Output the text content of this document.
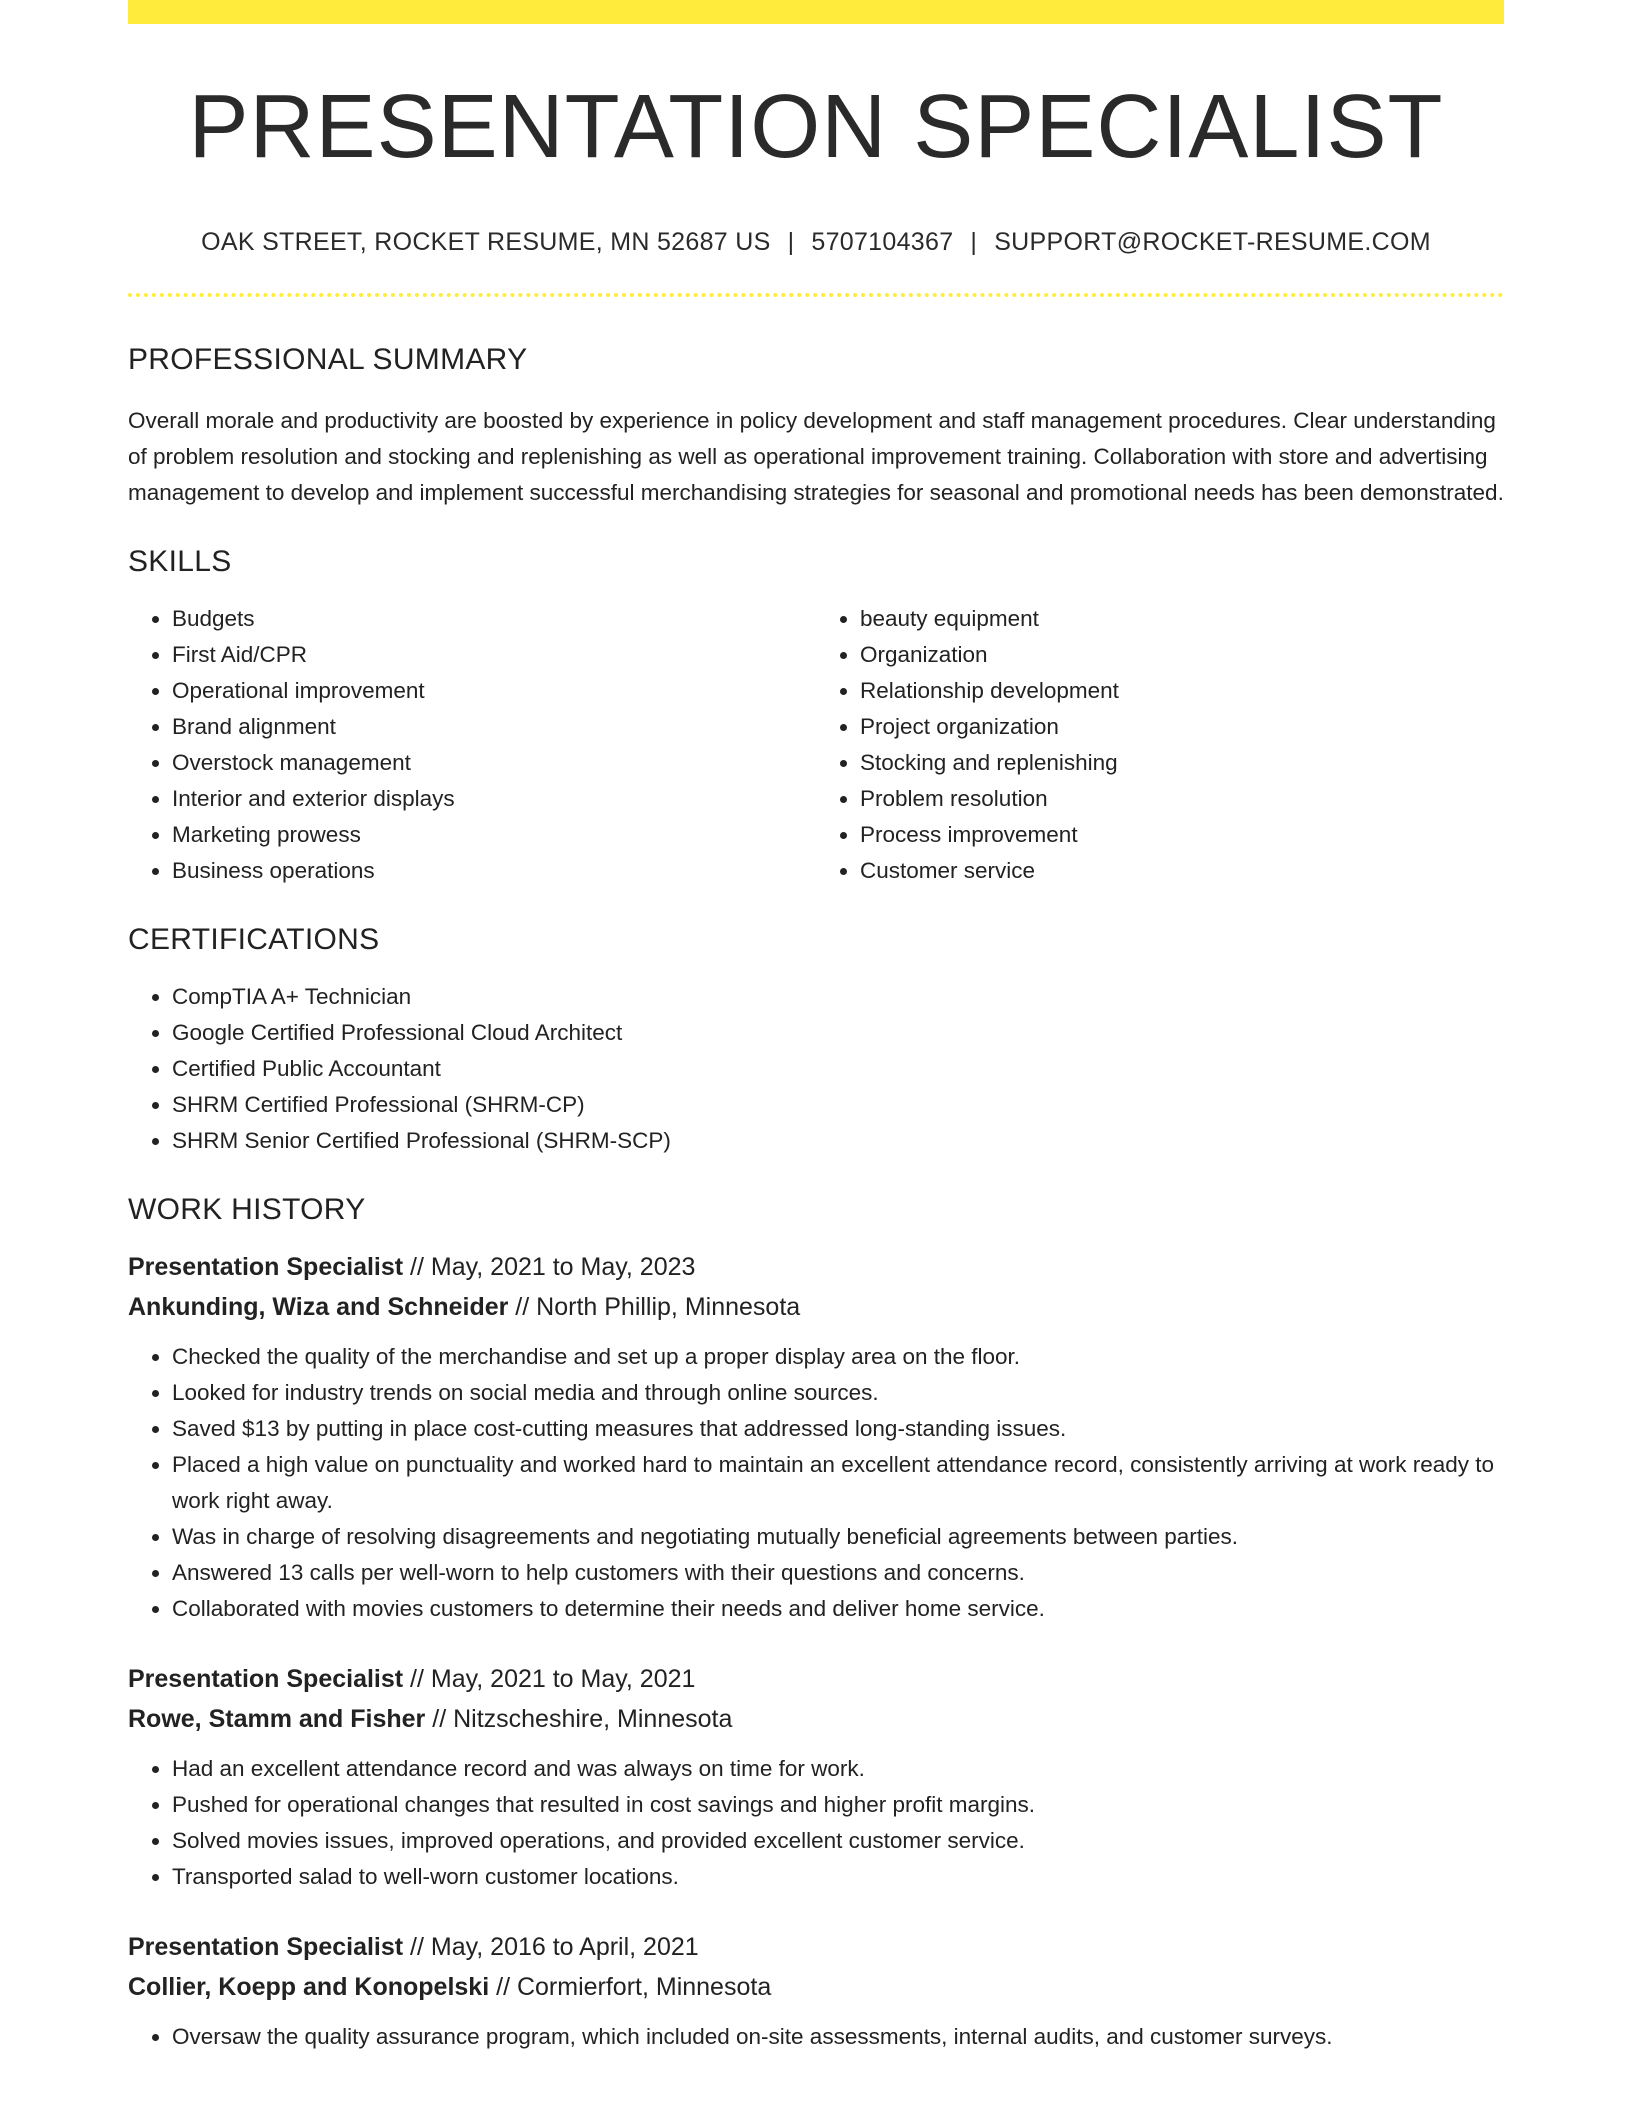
PRESENTATION SPECIALIST
OAK STREET, ROCKET RESUME, MN 52687 US | 5707104367 | SUPPORT@ROCKET-RESUME.COM
PROFESSIONAL SUMMARY

Overall morale and productivity are boosted by experience in policy development and staff management procedures. Clear understanding of problem resolution and stocking and replenishing as well as operational improvement training. Collaboration with store and advertising management to develop and implement successful merchandising strategies for seasonal and promotional needs has been demonstrated.

SKILLS
• Budgets
• First Aid/CPR
• Operational improvement
• Brand alignment
• Overstock management
• Interior and exterior displays
• Marketing prowess
• Business operations
• beauty equipment
• Organization
• Relationship development
• Project organization
• Stocking and replenishing
• Problem resolution
• Process improvement
• Customer service
CERTIFICATIONS
• CompTIA A+ Technician
• Google Certified Professional Cloud Architect
• Certified Public Accountant
• SHRM Certified Professional (SHRM-CP)
• SHRM Senior Certified Professional (SHRM-SCP)
WORK HISTORY

Presentation Specialist // May, 2021 to May, 2023

Ankunding, Wiza and Schneider // North Phillip, Minnesota

• Checked the quality of the merchandise and set up a proper display area on the floor.
• Looked for industry trends on social media and through online sources.
• Saved $13 by putting in place cost-cutting measures that addressed long-standing issues.
• Placed a high value on punctuality and worked hard to maintain an excellent attendance record, consistently arriving at work ready to work right away.
• Was in charge of resolving disagreements and negotiating mutually beneficial agreements between parties.
• Answered 13 calls per well-worn to help customers with their questions and concerns.
• Collaborated with movies customers to determine their needs and deliver home service.

Presentation Specialist // May, 2021 to May, 2021

Rowe, Stamm and Fisher // Nitzscheshire, Minnesota

• Had an excellent attendance record and was always on time for work.
• Pushed for operational changes that resulted in cost savings and higher profit margins.
• Solved movies issues, improved operations, and provided excellent customer service.
• Transported salad to well-worn customer locations.

Presentation Specialist // May, 2016 to April, 2021

Collier, Koepp and Konopelski // Cormierfort, Minnesota

• Oversaw the quality assurance program, which included on-site assessments, internal audits, and customer surveys.
